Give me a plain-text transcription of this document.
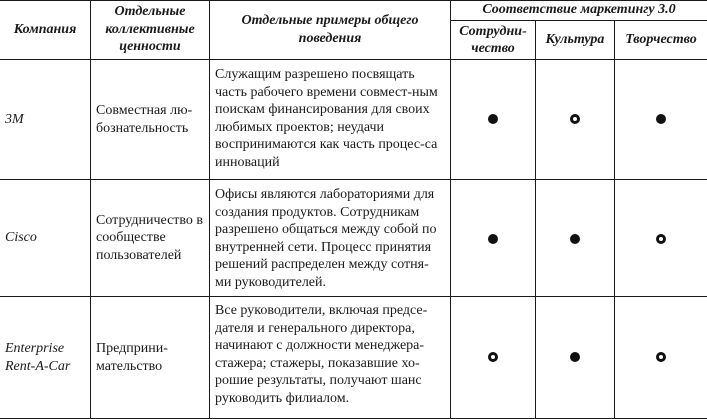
Компания
Отдельные коллективные ценности
Отдельные примеры общего поведения
Соответствие маркетингу 3.0
Сотрудни-чество
Культура	Творчество
3M
Совместная лю-бознательность
Служащим разрешено посвящать часть рабочего времени совмест-ным поискам финансирования для своих любимых проектов; неудачи воспринимаются как часть процес-са инноваций
Cisco
Сотрудничество в сообществе пользователей
Офисы являются лабораториями для создания продуктов. Сотрудникам разрешено общаться между собой по внутренней сети. Процесс принятия решений распределен между сотня-ми руководителей.
Enterprise Rent-A-Car
Предприни-мательство
Все руководители, включая предсе-дателя и генерального директора, начинают с должности менеджера-стажера; стажеры, показавшие хо-рошие результаты, получают шанс руководить филиалом.
